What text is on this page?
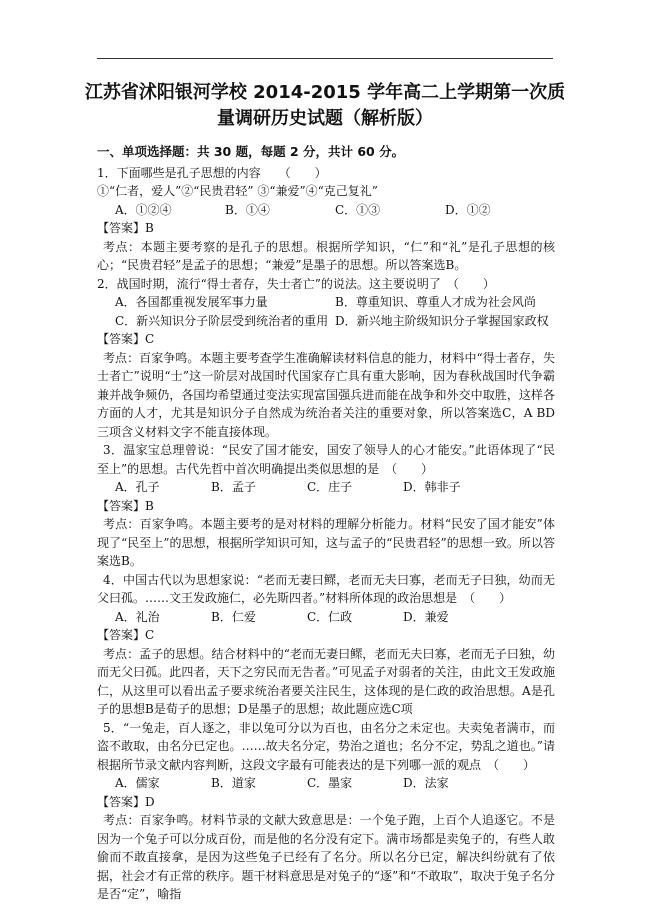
江苏省沭阳银河学校 2014-2015 学年高二上学期第一次质
量调研历史试题（解析版）
一、单项选择题：共 30 题，每题 2 分，共计 60 分。
1．下面哪些是孔子思想的内容　　（　　）
①“仁者，爱人”②“民贵君轻” ③“兼爱”④“克己复礼”
A．①②④	B．①④	C．①③	D．①②
【答案】B
考点：本题主要考察的是孔子的思想。根据所学知识，“仁”和“礼”是孔子思想的核心；“民贵君轻”是孟子的思想；“兼爱”是墨子的思想。所以答案选B。
2．战国时期，流行“得士者存，失士者亡”的说法。这主要说明了　（　　）
A．各国都重视发展军事力量	B．尊重知识、尊重人才成为社会风尚
C．新兴知识分子阶层受到统治者的重用 D．新兴地主阶级知识分子掌握国家政权
【答案】C
考点：百家争鸣。本题主要考查学生准确解读材料信息的能力，材料中“得士者存，失士者亡”说明“士”这一阶层对战国时代国家存亡具有重大影响，因为春秋战国时代争霸兼并战争频仍，各国均希望通过变法实现富国强兵进而能在战争和外交中取胜，这样各方面的人才，尤其是知识分子自然成为统治者关注的重要对象，所以答案选C，A BD三项含义材料文字不能直接体现。
3．温家宝总理曾说：“民安了国才能安，国安了领导人的心才能安。”此语体现了“民至上”的思想。古代先哲中首次明确提出类似思想的是　（　　）
A．孔子	B．孟子	C．庄子	D．韩非子
【答案】B
考点：百家争鸣。本题主要考的是对材料的理解分析能力。材料“民安了国才能安”体现了“民至上”的思想，根据所学知识可知，这与孟子的“民贵君轻”的思想一致。所以答案选B。
4．中国古代以为思想家说：“老而无妻曰鳏，老而无夫曰寡，老而无子曰独，幼而无父曰孤。……文王发政施仁，必先斯四者。”材料所体现的政治思想是　（　　）
A．礼治	B．仁爱	C．仁政	D．兼爱
【答案】C
考点：孟子的思想。结合材料中的“老而无妻曰鳏，老而无夫曰寡，老而无子曰独，幼而无父曰孤。此四者，天下之穷民而无告者。”可见孟子对弱者的关注，由此文王发政施仁，从这里可以看出孟子要求统治者要关注民生，这体现的是仁政的政治思想。A是孔子的思想B是荀子的思想；D是墨子的思想；故此题应选C项
5．“一兔走，百人逐之，非以兔可分以为百也，由名分之未定也。夫卖兔者满市，而盗不敢取，由名分已定也。……故夫名分定，势治之道也；名分不定，势乱之道也。”请根据所节录文献内容判断，这段文字最有可能表达的是下列哪一派的观点　（　　）
A．儒家	B．道家	C．墨家	D．法家
【答案】D
考点：百家争鸣。材料节录的文献大致意思是：一个兔子跑，上百个人追逐它。不是因为一个兔子可以分成百份，而是他的名分没有定下。满市场都是卖兔子的，有些人敢偷而不敢直接拿，是因为这些兔子已经有了名分。所以名分已定，解决纠纷就有了依据，社会才有正常的秩序。题干材料意思是对兔子的“逐”和“不敢取”，取决于兔子名分是否“定”，喻指
